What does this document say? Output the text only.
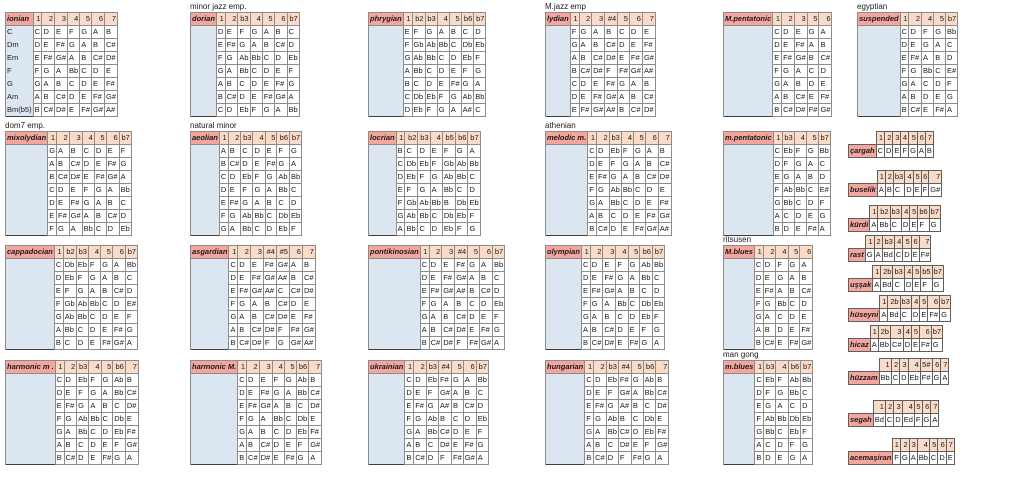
ionian	1	2	3	4	5	6	7
C	C	D	E	F	G	A	B
Dm	D	E	F#	G	A	B	C#
Em	E	F#	G#	A	B	C#	D#
F	F	G	A	Bb	C	D	E
G	G	A	B	C	D	E	F#
Am	A	B	C#	D	E	F#	G#
Bm(b5)	B	C#	D#	E	F#	G#	A#
dom7 emp.
mixolydian	1	2	3	4	5	6	b7
	G	A	B	C	D	E	F
	A	B	C#	D	E	F#	G
	B	C#	D#	E	F#	G#	A
	C	D	E	F	G	A	Bb
	D	E	F#	G	A	B	C
	E	F#	G#	A	B	C#	D
	F	G	A	Bb	C	D	Eb
cappadocian	1	b2	b3	4	5	6	b7
	C	Db	Eb	F	G	A	Bb
	D	Eb	F	G	A	B	C
	E	F	G	A	B	C#	D
	F	Gb	Ab	Bb	C	D	E#
	G	Ab	Bb	C	D	E	F
	A	Bb	C	D	E	F#	G
	B	C	D	E	F#	G#	A
harmonic m .	1	2	b3	4	5	b6	7
	C	D	Eb	F	G	Ab	B
	D	E	F	G	A	Bb	C#
	E	F#	G	A	B	C	D#
	F	G	Ab	Bb	C	Db	E
	G	A	Bb	C	D	Eb	F#
	A	B	C	D	E	F	G#
	B	C#	D	E	F#	G	A
minor jazz emp.
dorian	1	2	b3	4	5	6	b7
	D	E	F	G	A	B	C
	E	F#	G	A	B	C#	D
	F	G	Ab	Bb	C	D	Eb
	G	A	Bb	C	D	E	F
	A	B	C	D	E	F#	G
	B	C#	D	E	F#	G#	A
	C	D	Eb	F	G	A	Bb
natural minor
aeolian	1	2	b3	4	5	b6	b7
	A	B	C	D	E	F	G
	B	C#	D	E	F#	G	A
	C	D	Eb	F	G	Ab	Bb
	D	E	F	G	A	Bb	C
	E	F#	G	A	B	C	D
	F	G	Ab	Bb	C	Db	Eb
	G	A	Bb	C	D	Eb	F
asgardian	1	2	3	#4	#5	6	7
	C	D	E	F#	G#	A	B
	D	E	F#	G#	A#	B	C#
	E	F#	G#	A#	C	C#	D#
	F	G	A	B	C#	D	E
	G	A	B	C#	D#	E	F#
	A	B	C#	D#	F	F#	G#
	B	C#	D#	F	G	G#	A#
harmonic M.	1	2	3	4	5	b6	7
	C	D	E	F	G	Ab	B
	D	E	F#	G	A	Bb	C#
	E	F#	G#	A	B	C	D#
	F	G	A	Bb	C	Db	E
	G	A	B	C	D	Eb	F#
	A	B	C#	D	E	F	G#
	B	C#	D#	E	F#	G	A
phrygian	1	b2	b3	4	5	b6	b7
	E	F	G	A	B	C	D
	F	Gb	Ab	Bb	C	Db	Eb
	G	Ab	Bb	C	D	Eb	F
	A	Bb	C	D	E	F	G
	B	C	D	E	F#	G	A
	C	Db	Eb	F	G	Ab	Bb
	D	Eb	F	G	A	A#	C
locrian	1	b2	b3	4	b5	b6	b7
	B	C	D	E	F	G	A
	C	Db	Eb	F	Gb	Ab	Bb
	D	Eb	F	G	Ab	Bb	C
	E	F	G	A	Bb	C	D
	F	Gb	Ab	Bb	B	Db	Eb
	G	Ab	Bb	C	Db	Eb	F
	A	Bb	C	D	Eb	F	G
pontikinosian	1	2	3	#4	5	6	b7
	C	D	E	F#	G	A	Bb
	D	E	F#	G#	A	B	C
	E	F#	G#	A#	B	C#	D
	F	G	A	B	C	D	Eb
	G	A	B	C#	D	E	F
	A	B	C#	D#	E	F#	G
	B	C#	D#	F	F#	G#	A
ukrainian	1	2	b3	#4	5	6	b7
	C	D	Eb	F#	G	A	Bb
	D	E	F	G#	A	B	C
	E	F#	G	A#	B	C#	D
	F	G	Ab	B	C	D	Eb
	G	A	Bb	C#	D	E	F
	A	B	C	D#	E	F#	G
	B	C#	D	F	F#	G#	A
M.jazz emp
lydian	1	2	3	#4	5	6	7
	F	G	A	B	C	D	E
	G	A	B	C#	D	E	F#
	A	B	C#	D#	E	F#	G#
	B	C#	D#	F	F#	G#	A#
	C	D	E	F#	G	A	B
	D	E	F#	G#	A	B	C#
	E	F#	G#	A#	B	C#	D#
athenian
melodic m.	1	2	b3	4	5	6	7
	C	D	Eb	F	G	A	B
	D	E	F	G	A	B	C#
	E	F#	G	A	B	C#	D#
	F	G	Ab	Bb	C	D	E
	G	A	Bb	C	D	E	F#
	A	B	C	D	E	F#	G#
	B	C#	D	E	F#	G#	A#
olympian	1	2	3	4	5	b6	b7
	C	D	E	F	G	Ab	Bb
	D	E	F#	G	A	Bb	C
	E	F#	G#	A	B	C	D
	F	G	A	Bb	C	Db	Eb
	G	A	B	C	D	Eb	F
	A	B	C#	D	E	F	G
	B	C#	D#	E	F#	G	A
hungarian	1	2	b3	#4	5	b6	7
	C	D	Eb	F#	G	Ab	B
	D	E	F	G#	A	Bb	C#
	E	F#	G	A#	B	C	D#
	F	G	Ab	B	C	Db	E
	G	A	Bb	C#	D	Eb	F#
	A	B	C	D#	E	F	G#
	B	C#	D	F	F#	G	A
M.pentatonic	1	2	3	5	6
	C	D	E	G	A
	D	E	F#	A	B
	E	F#	G#	B	C#
	F	G	A	C	D
	G	A	B	D	E
	A	B	C#	E	F#
	B	C#	D#	F#	G#
m.pentatonic	1	b3	4	5	b7
	C	Eb	F	G	Bb
	D	F	G	A	C
	E	G	A	B	D
	F	Ab	Bb	C	E#
	G	Bb	C	D	F
	A	C	D	E	G
	B	D	E	F#	A
ritsusen
M.blues	1	2	4	5	6
	C	D	F	G	A
	D	E	G	A	B
	E	F#	A	B	C#
	F	G	Bb	C	D
	G	A	C	D	E
	A	B	D	E	F#
	B	C#	E	F#	G#
man gong
m.blues	1	b3	4	b6	b7
	C	Eb	F	Ab	Bb
	D	F	G	Bb	C
	E	G	A	C	D
	F	Ab	Bb	Db	Eb
	G	Bb	C	Eb	F
	A	C	D	F	G
	B	D	E	G	A
egyptian
suspended	1	2	4	5	b7
	C	D	F	G	Bb
	D	E	G	A	C
	E	F#	A	B	D
	F	G	Bb	C	E#
	G	A	C	D	F
	A	B	D	E	G
	B	C#	E	F#	A
	1	2	3	4	5	6	7
çargah	C	D	E	F	G	A	B
	1	2	b3	4	5	6	7
buselik	A	B	C	D	E	F	G#
	1	b2	b3	4	5	b6	b7
kürdi	A	Bb	C	D	E	F	G
	1	2	b3	4	5	6	7
rast	G	A	Bd	C	D	E	F#
	1	2b	b3	4	5	b5	b7
uşşak	A	Bd	C	D	E	F	G
	1	2b	b3	4	5	6	b7
hüseyni	A	Bd	C	D	E	F#	G
	1	2b	3	4	5	6	b7
hicaz	A	Bb	C#	D	E	F#	G
	1	2	3	4	5#	6	7
hüzzam	Bb	C	D	Eb	F#	G	A
	1	2	3	4	5	6	7
segah	Bd	C	D	Ed	F	G	A
	1	2	3	4	5	6	7
acemaşiran	F	G	A	Bb	C	D	E
